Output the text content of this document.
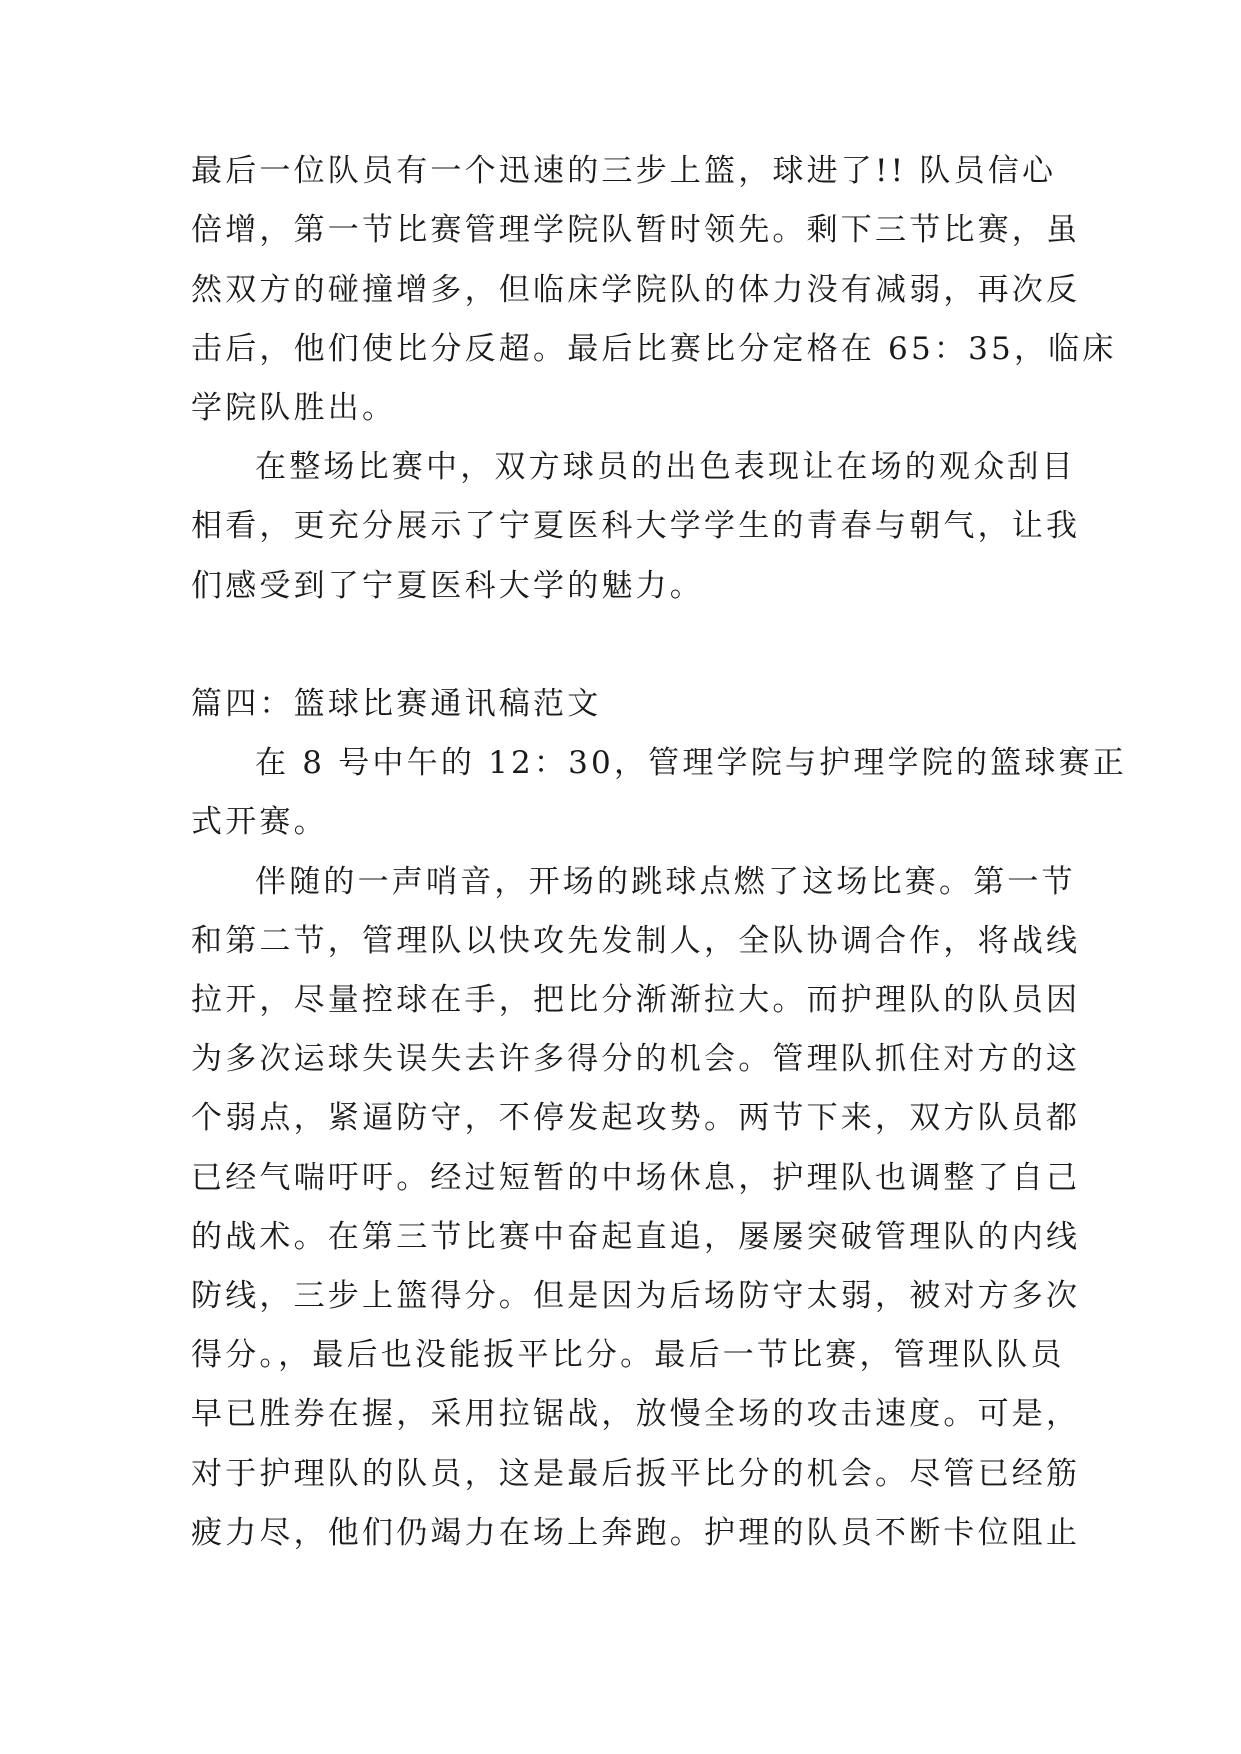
最后一位队员有一个迅速的三步上篮，球进了!! 队员信心
倍增，第一节比赛管理学院队暂时领先。剩下三节比赛，虽
然双方的碰撞增多，但临床学院队的体力没有减弱，再次反
击后，他们使比分反超。最后比赛比分定格在 65：35，临床
学院队胜出。
在整场比赛中，双方球员的出色表现让在场的观众刮目
相看，更充分展示了宁夏医科大学学生的青春与朝气，让我
们感受到了宁夏医科大学的魅力。
篇四：篮球比赛通讯稿范文
在 8 号中午的 12：30，管理学院与护理学院的篮球赛正
式开赛。
伴随的一声哨音，开场的跳球点燃了这场比赛。第一节
和第二节，管理队以快攻先发制人，全队协调合作，将战线
拉开，尽量控球在手，把比分渐渐拉大。而护理队的队员因
为多次运球失误失去许多得分的机会。管理队抓住对方的这
个弱点，紧逼防守，不停发起攻势。两节下来，双方队员都
已经气喘吁吁。经过短暂的中场休息，护理队也调整了自己
的战术。在第三节比赛中奋起直追，屡屡突破管理队的内线
防线，三步上篮得分。但是因为后场防守太弱，被对方多次
得分。，最后也没能扳平比分。最后一节比赛，管理队队员
早已胜券在握，采用拉锯战，放慢全场的攻击速度。可是，
对于护理队的队员，这是最后扳平比分的机会。尽管已经筋
疲力尽，他们仍竭力在场上奔跑。护理的队员不断卡位阻止
